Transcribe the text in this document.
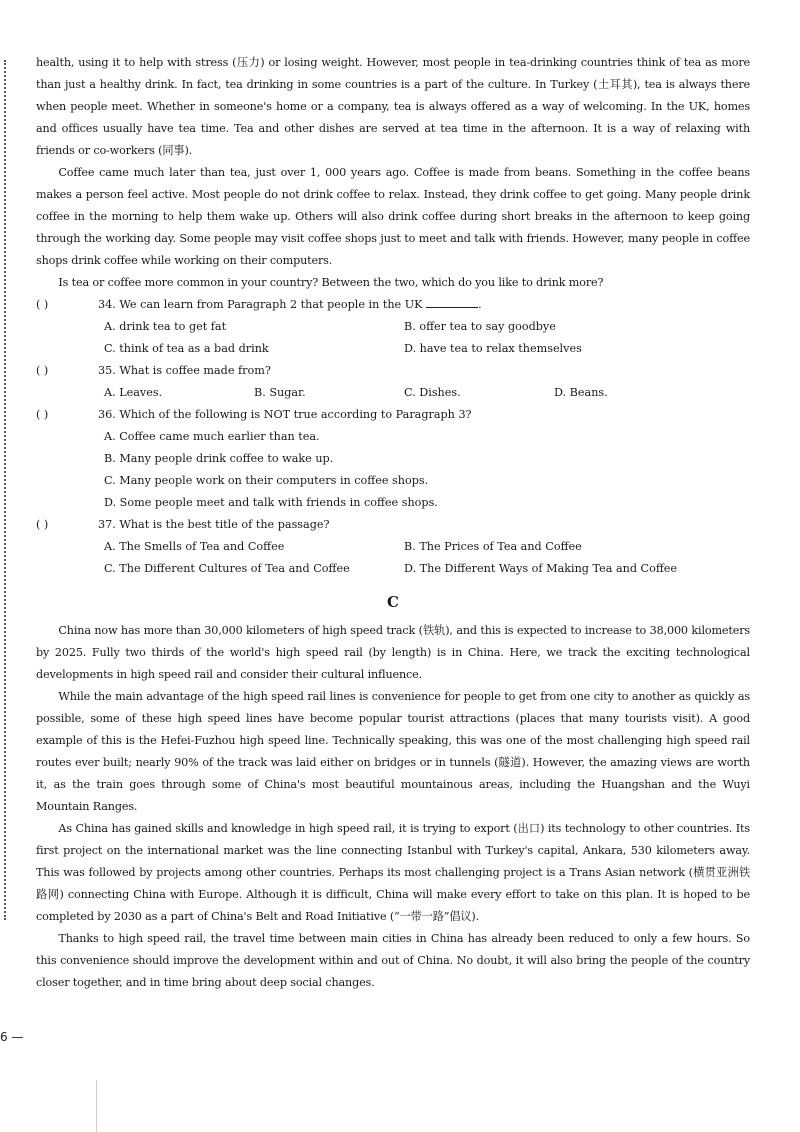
health, using it to help with stress (压力) or losing weight. However, most people in tea-drinking countries think of tea as more than just a healthy drink. In fact, tea drinking in some countries is a part of the culture. In Turkey (土耳其), tea is always there when people meet. Whether in someone's home or a company, tea is always offered as a way of welcoming. In the UK, homes and offices usually have tea time. Tea and other dishes are served at tea time in the afternoon. It is a way of relaxing with friends or co-workers (同事).

Coffee came much later than tea, just over 1, 000 years ago. Coffee is made from beans. Something in the coffee beans makes a person feel active. Most people do not drink coffee to relax. Instead, they drink coffee to get going. Many people drink coffee in the morning to help them wake up. Others will also drink coffee during short breaks in the afternoon to keep going through the working day. Some people may visit coffee shops just to meet and talk with friends. However, many people in coffee shops drink coffee while working on their computers.

Is tea or coffee more common in your country? Between the two, which do you like to drink more?

( )	34. We can learn from Paragraph 2 that people in the UK	.
A. drink tea to get fat	B. offer tea to say goodbye
C. think of tea as a bad drink	D. have tea to relax themselves
( )	35. What is coffee made from?
A. Leaves.	B. Sugar.	C. Dishes.	D. Beans.
( )	36. Which of the following is NOT true according to Paragraph 3?
A. Coffee came much earlier than tea.
B. Many people drink coffee to wake up.
C. Many people work on their computers in coffee shops.
D. Some people meet and talk with friends in coffee shops.
( )	37. What is the best title of the passage?
A. The Smells of Tea and Coffee	B. The Prices of Tea and Coffee
C. The Different Cultures of Tea and Coffee	D. The Different Ways of Making Tea and Coffee
C

China now has more than 30,000 kilometers of high speed track (铁轨), and this is expected to increase to 38,000 kilometers by 2025. Fully two thirds of the world's high speed rail (by length) is in China. Here, we track the exciting technological developments in high speed rail and consider their cultural influence.

While the main advantage of the high speed rail lines is convenience for people to get from one city to another as quickly as possible, some of these high speed lines have become popular tourist attractions (places that many tourists visit). A good example of this is the Hefei-Fuzhou high speed line. Technically speaking, this was one of the most challenging high speed rail routes ever built; nearly 90% of the track was laid either on bridges or in tunnels (隧道). However, the amazing views are worth it, as the train goes through some of China's most beautiful mountainous areas, including the Huangshan and the Wuyi Mountain Ranges.

As China has gained skills and knowledge in high speed rail, it is trying to export (出口) its technology to other countries. Its first project on the international market was the line connecting Istanbul with Turkey's capital, Ankara, 530 kilometers away. This was followed by projects among other countries. Perhaps its most challenging project is a Trans Asian network (横贯亚洲铁路网) connecting China with Europe. Although it is difficult, China will make every effort to take on this plan. It is hoped to be completed by 2030 as a part of China's Belt and Road Initiative (“一带一路”倡议).

Thanks to high speed rail, the travel time between main cities in China has already been reduced to only a few hours. So this convenience should improve the development within and out of China. No doubt, it will also bring the people of the country closer together, and in time bring about deep social changes.

6 —
